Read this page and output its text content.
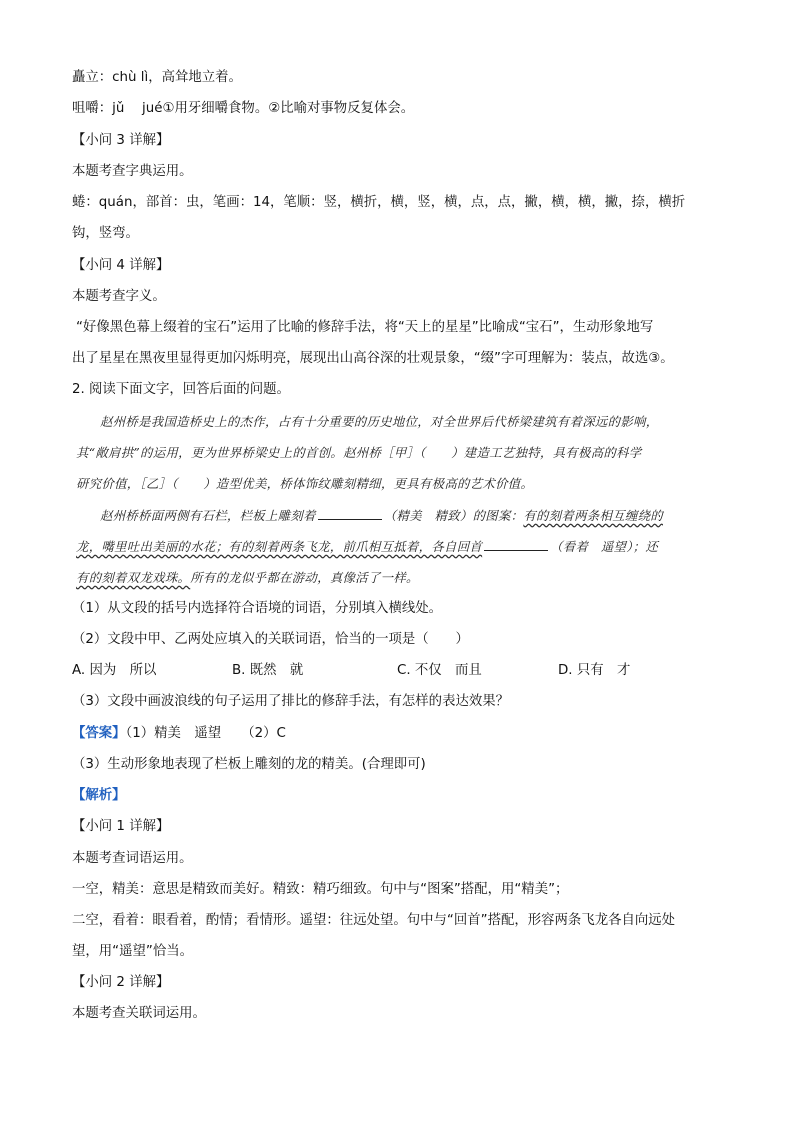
矗立：chù lì，高耸地立着。
咀嚼：jǔ　 jué①用牙细嚼食物。②比喻对事物反复体会。
【小问 3 详解】
本题考查字典运用。
蜷：quán，部首：虫，笔画：14，笔顺：竖，横折，横，竖，横，点，点，撇，横，横，撇，捺，横折
钩，竖弯。
【小问 4 详解】
本题考查字义。
“好像黑色幕上缀着的宝石”运用了比喻的修辞手法，将“天上的星星”比喻成“宝石”，生动形象地写
出了星星在黑夜里显得更加闪烁明亮，展现出山高谷深的壮观景象，“缀”字可理解为：装点，故选③。
2. 阅读下面文字，回答后面的问题。
赵州桥是我国造桥史上的杰作，占有十分重要的历史地位，对全世界后代桥梁建筑有着深远的影响，
其“敞肩拱”的运用，更为世界桥梁史上的首创。赵州桥［甲］（　　）建造工艺独特，具有极高的科学
研究价值，［乙］（　　）造型优美，桥体饰纹雕刻精细，更具有极高的艺术价值。
赵州桥桥面两侧有石栏，栏板上雕刻着	（精美　精致）的图案：有的刻着两条相互缠绕的
龙，嘴里吐出美丽的水花；有的刻着两条飞龙，前爪相互抵着，各自回首	（看着　遥望）；还
有的刻着双龙戏珠。所有的龙似乎都在游动，真像活了一样。
（1）从文段的括号内选择符合语境的词语，分别填入横线处。
（2）文段中甲、乙两处应填入的关联词语，恰当的一项是（　　）
A. 因为　所以	B. 既然　就	C. 不仅　而且	D. 只有　才
（3）文段中画波浪线的句子运用了排比的修辞手法，有怎样的表达效果？
【答案】（1）精美　遥望　　（2）C
（3）生动形象地表现了栏板上雕刻的龙的精美。(合理即可)
【解析】
【小问 1 详解】
本题考查词语运用。
一空，精美：意思是精致而美好。精致：精巧细致。句中与“图案”搭配，用“精美”；
二空，看着：眼看着，酌情；看情形。遥望：往远处望。句中与“回首”搭配，形容两条飞龙各自向远处
望，用“遥望”恰当。
【小问 2 详解】
本题考查关联词运用。
